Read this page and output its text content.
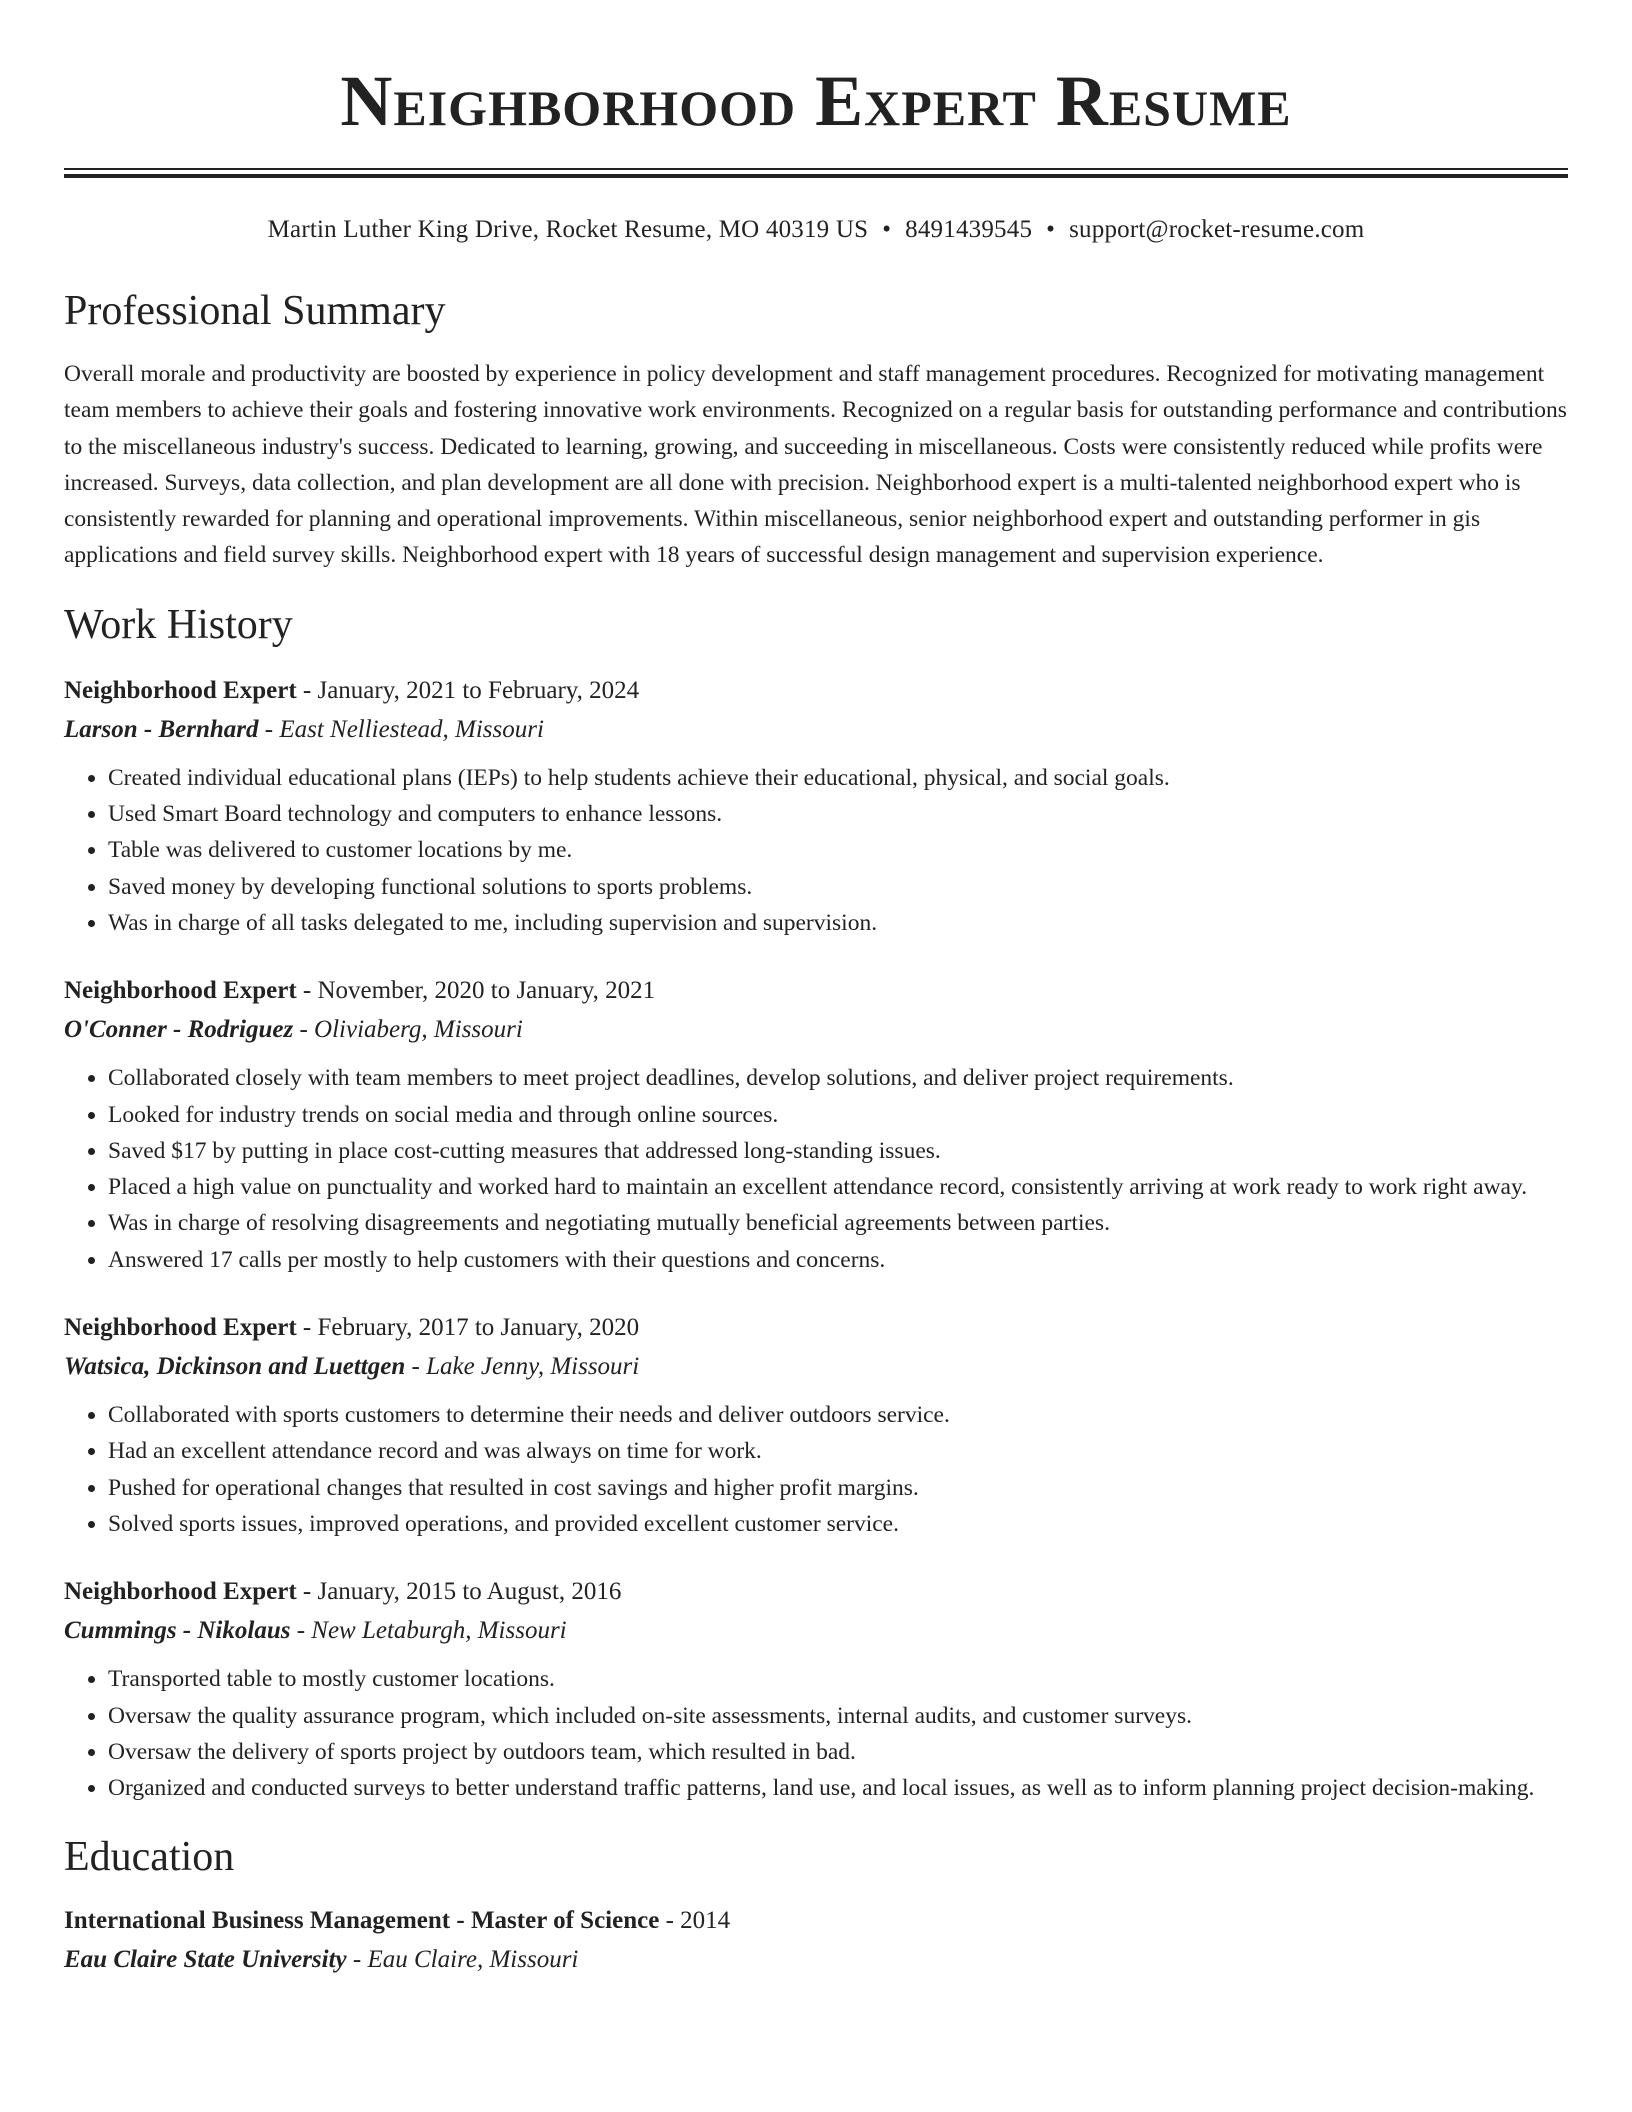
Neighborhood Expert Resume
Martin Luther King Drive, Rocket Resume, MO 40319 US • 8491439545 • support@rocket-resume.com
Professional Summary
Overall morale and productivity are boosted by experience in policy development and staff management procedures. Recognized for motivating management team members to achieve their goals and fostering innovative work environments. Recognized on a regular basis for outstanding performance and contributions to the miscellaneous industry's success. Dedicated to learning, growing, and succeeding in miscellaneous. Costs were consistently reduced while profits were increased. Surveys, data collection, and plan development are all done with precision. Neighborhood expert is a multi-talented neighborhood expert who is consistently rewarded for planning and operational improvements. Within miscellaneous, senior neighborhood expert and outstanding performer in gis applications and field survey skills. Neighborhood expert with 18 years of successful design management and supervision experience.
Work History
Neighborhood Expert - January, 2021 to February, 2024
Larson - Bernhard - East Nelliestead, Missouri
• Created individual educational plans (IEPs) to help students achieve their educational, physical, and social goals.
• Used Smart Board technology and computers to enhance lessons.
• Table was delivered to customer locations by me.
• Saved money by developing functional solutions to sports problems.
• Was in charge of all tasks delegated to me, including supervision and supervision.
Neighborhood Expert - November, 2020 to January, 2021
O'Conner - Rodriguez - Oliviaberg, Missouri
• Collaborated closely with team members to meet project deadlines, develop solutions, and deliver project requirements.
• Looked for industry trends on social media and through online sources.
• Saved $17 by putting in place cost-cutting measures that addressed long-standing issues.
• Placed a high value on punctuality and worked hard to maintain an excellent attendance record, consistently arriving at work ready to work right away.
• Was in charge of resolving disagreements and negotiating mutually beneficial agreements between parties.
• Answered 17 calls per mostly to help customers with their questions and concerns.
Neighborhood Expert - February, 2017 to January, 2020
Watsica, Dickinson and Luettgen - Lake Jenny, Missouri
• Collaborated with sports customers to determine their needs and deliver outdoors service.
• Had an excellent attendance record and was always on time for work.
• Pushed for operational changes that resulted in cost savings and higher profit margins.
• Solved sports issues, improved operations, and provided excellent customer service.
Neighborhood Expert - January, 2015 to August, 2016
Cummings - Nikolaus - New Letaburgh, Missouri
• Transported table to mostly customer locations.
• Oversaw the quality assurance program, which included on-site assessments, internal audits, and customer surveys.
• Oversaw the delivery of sports project by outdoors team, which resulted in bad.
• Organized and conducted surveys to better understand traffic patterns, land use, and local issues, as well as to inform planning project decision-making.
Education
International Business Management - Master of Science - 2014
Eau Claire State University - Eau Claire, Missouri
